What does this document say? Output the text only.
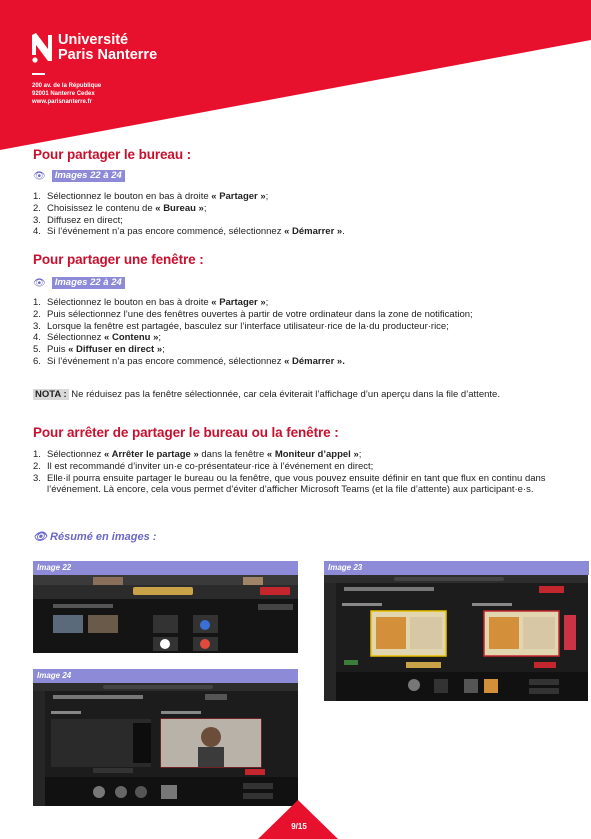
Université
Paris Nanterre
200 av. de la République
92001 Nanterre Cedex
www.parisnanterre.fr
Pour partager le bureau :
👁 Images 22 à 24
1. Sélectionnez le bouton en bas à droite « Partager »;
2. Choisissez le contenu de « Bureau »;
3. Diffusez en direct;
4. Si l’événement n’a pas encore commencé, sélectionnez « Démarrer ».
Pour partager une fenêtre :
👁 Images 22 à 24
1. Sélectionnez le bouton en bas à droite « Partager »;
2. Puis sélectionnez l’une des fenêtres ouvertes à partir de votre ordinateur dans la zone de notification;
3. Lorsque la fenêtre est partagée, basculez sur l’interface utilisateur·rice de la·du producteur·rice;
4. Sélectionnez « Contenu »;
5. Puis « Diffuser en direct »;
6. Si l’événement n’a pas encore commencé, sélectionnez « Démarrer ».
NOTA : Ne réduisez pas la fenêtre sélectionnée, car cela éviterait l’affichage d’un aperçu dans la file d’attente.
Pour arrêter de partager le bureau ou la fenêtre :
1. Sélectionnez « Arrêter le partage » dans la fenêtre « Moniteur d’appel »;
2. Il est recommandé d’inviter un·e co-présentateur·rice à l’événement en direct;
3. Elle·il pourra ensuite partager le bureau ou la fenêtre, que vous pouvez ensuite définir en tant que flux en continu dans l’événement. Là encore, cela vous permet d’éviter d’afficher Microsoft Teams (et la file d’attente) aux participant·e·s.
👁 Résumé en images :
Image 22	Image 23
Image 24
9/15
